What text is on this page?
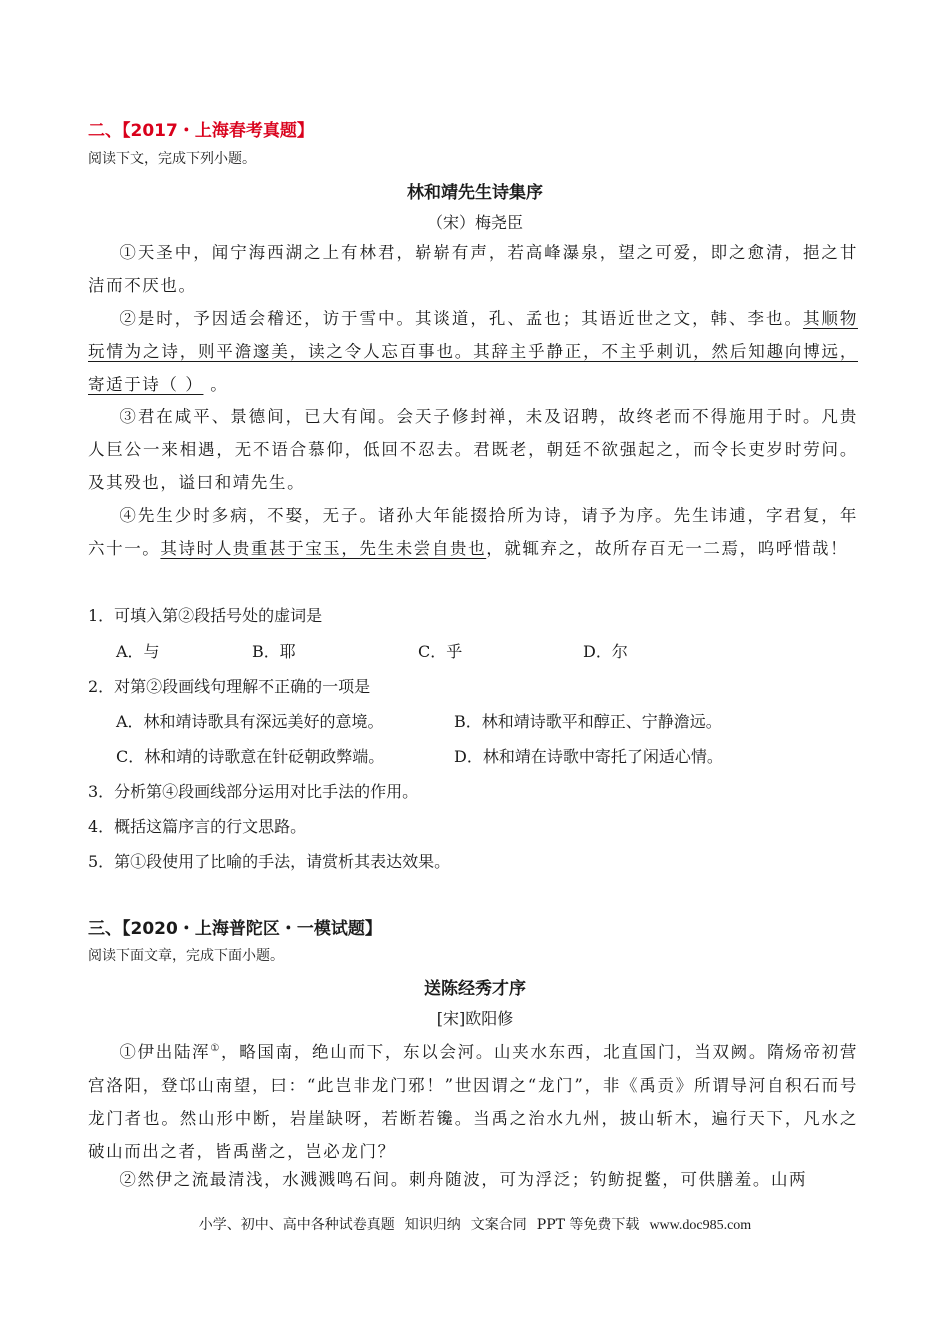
二、【2017・上海春考真题】
阅读下文，完成下列小题。
林和靖先生诗集序
（宋）梅尧臣
①天圣中，闻宁海西湖之上有林君，崭崭有声，若高峰瀑泉，望之可爱，即之愈清，挹之甘洁而不厌也。
②是时，予因适会稽还，访于雪中。其谈道，孔、孟也；其语近世之文，韩、李也。其顺物玩情为之诗，则平澹邃美，读之令人忘百事也。其辞主乎静正，不主乎刺讥，然后知趣向博远，寄适于诗（ ） 。
③君在咸平、景德间，已大有闻。会天子修封禅，未及诏聘，故终老而不得施用于时。凡贵人巨公一来相遇，无不语合慕仰，低回不忍去。君既老，朝廷不欲强起之，而令长吏岁时劳问。及其殁也，谥曰和靖先生。
④先生少时多病，不娶，无子。诸孙大年能掇拾所为诗，请予为序。先生讳逋，字君复，年六十一。其诗时人贵重甚于宝玉，先生未尝自贵也，就辄弃之，故所存百无一二焉，呜呼惜哉！
1．可填入第②段括号处的虚词是
A．与	B．耶	C．乎	D．尔
2．对第②段画线句理解不正确的一项是
A．林和靖诗歌具有深远美好的意境。	B．林和靖诗歌平和醇正、宁静澹远。
C．林和靖的诗歌意在针砭朝政弊端。	D．林和靖在诗歌中寄托了闲适心情。
3．分析第④段画线部分运用对比手法的作用。
4．概括这篇序言的行文思路。
5．第①段使用了比喻的手法，请赏析其表达效果。
三、【2020・上海普陀区・一模试题】
阅读下面文章，完成下面小题。
送陈经秀才序
[宋]欧阳修
①伊出陆浑①，略国南，绝山而下，东以会河。山夹水东西，北直国门，当双阙。隋炀帝初营宫洛阳，登邙山南望，曰：“此岂非龙门邪！”世因谓之“龙门”，非《禹贡》所谓导河自积石而号龙门者也。然山形中断，岩崖缺呀，若断若镵。当禹之治水九州，披山斩木，遍行天下，凡水之破山而出之者，皆禹凿之，岂必龙门？
②然伊之流最清浅，水溅溅鸣石间。刺舟随波，可为浮泛；钓鲂捉鳖，可供膳羞。山两
小学、初中、高中各种试卷真题 知识归纳 文案合同 PPT 等免费下载 www.doc985.com
